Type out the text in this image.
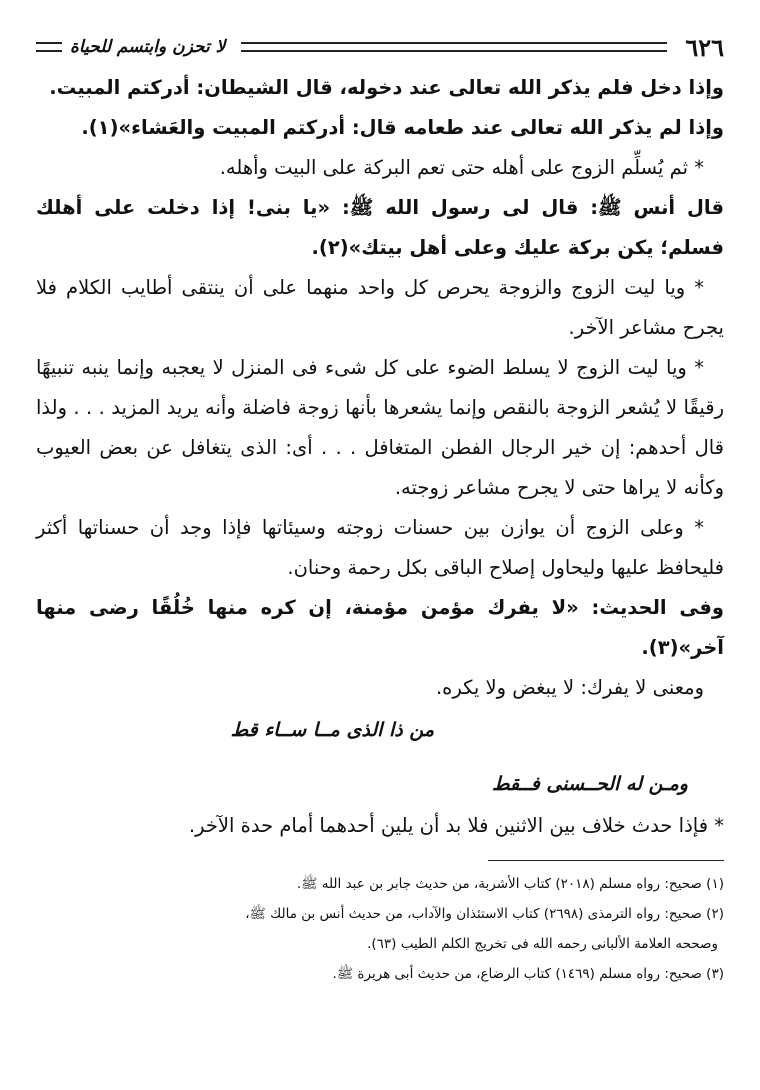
٦٢٦
لا تحزن وابتسم للحياة

وإذا دخل فلم يذكر الله تعالى عند دخوله، قال الشيطان: أدركتم المبيت.

وإذا لم يذكر الله تعالى عند طعامه قال: أدركتم المبيت والعَشاء»(١).

* ثم يُسلِّم الزوج على أهله حتى تعم البركة على البيت وأهله.

قال أنس ﷺ: قال لى رسول الله ﷺ: «يا بنى! إذا دخلت على أهلك فسلم؛ يكن بركة عليك وعلى أهل بيتك»(٢).

* ويا ليت الزوج والزوجة يحرص كل واحد منهما على أن ينتقى أطايب الكلام فلا يجرح مشاعر الآخر.

* ويا ليت الزوج لا يسلط الضوء على كل شىء فى المنزل لا يعجبه وإنما ينبه تنبيهًا رقيقًا لا يُشعر الزوجة بالنقص وإنما يشعرها بأنها زوجة فاضلة وأنه يريد المزيد . . . ولذا قال أحدهم: إن خير الرجال الفطن المتغافل . . . أى: الذى يتغافل عن بعض العيوب وكأنه لا يراها حتى لا يجرح مشاعر زوجته.

* وعلى الزوج أن يوازن بين حسنات زوجته وسيئاتها فإذا وجد أن حسناتها أكثر فليحافظ عليها وليحاول إصلاح الباقى بكل رحمة وحنان.

وفى الحديث: «لا يفرك مؤمن مؤمنة، إن كره منها خُلُقًا رضى منها آخر»(٣).

ومعنى لا يفرك: لا يبغض ولا يكره.

من ذا الذى مــا ســاء قط

ومـن له الحــسنى فــقط

* فإذا حدث خلاف بين الاثنين فلا بد أن يلين أحدهما أمام حدة الآخر.

(١) صحيح: رواه مسلم (٢٠١٨) كتاب الأشربة، من حديث جابر بن عبد الله ﷺ.

(٢) صحيح: رواه الترمذى (٢٦٩٨) كتاب الاستئذان والآداب، من حديث أنس بن مالك ﷺ،

وصححه العلامة الألبانى رحمه الله فى تخريج الكلم الطيب (٦٣).

(٣) صحيح: رواه مسلم (١٤٦٩) كتاب الرضاع، من حديث أبى هريرة ﷺ.
